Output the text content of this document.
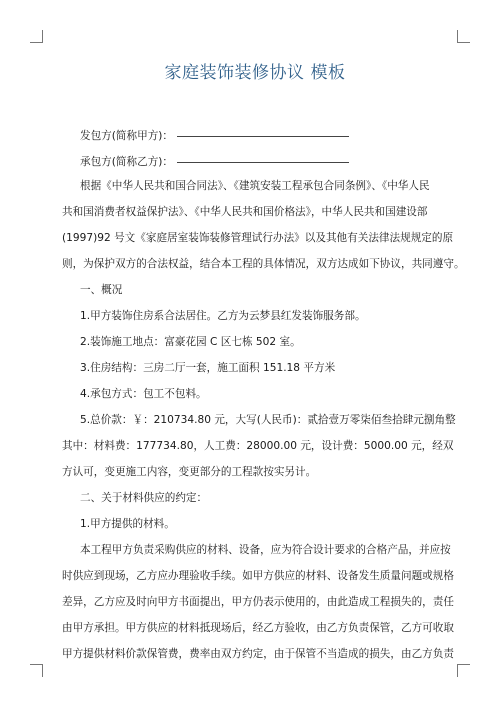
家庭装饰装修协议 模板
发包方(简称甲方)：
承包方(简称乙方)：
根据《中华人民共和国合同法》、《建筑安装工程承包合同条例》、《中华人民
共和国消费者权益保护法》、《中华人民共和国价格法》，中华人民共和国建设部
(1997)92 号文《家庭居室装饰装修管理试行办法》以及其他有关法律法规规定的原
则，为保护双方的合法权益，结合本工程的具体情况，双方达成如下协议，共同遵守。
一、概况
1.甲方装饰住房系合法居住。乙方为云梦县红发装饰服务部。
2.装饰施工地点：富豪花园 C 区七栋 502 室。
3.住房结构：三房二厅一套，施工面积 151.18 平方米
4.承包方式：包工不包料。
5.总价款：￥：210734.80 元，大写(人民币)：贰拾壹万零柒佰叁拾肆元捌角整
其中：材料费：177734.80，人工费：28000.00 元，设计费：5000.00 元，经双
方认可，变更施工内容，变更部分的工程款按实另计。
二、关于材料供应的约定：
1.甲方提供的材料。
本工程甲方负责采购供应的材料、设备，应为符合设计要求的合格产品，并应按
时供应到现场，乙方应办理验收手续。如甲方供应的材料、设备发生质量问题或规格
差异，乙方应及时向甲方书面提出，甲方仍表示使用的，由此造成工程损失的，责任
由甲方承担。甲方供应的材料抵现场后，经乙方验收，由乙方负责保管，乙方可收取
甲方提供材料价款保管费，费率由双方约定，由于保管不当造成的损失，由乙方负责
